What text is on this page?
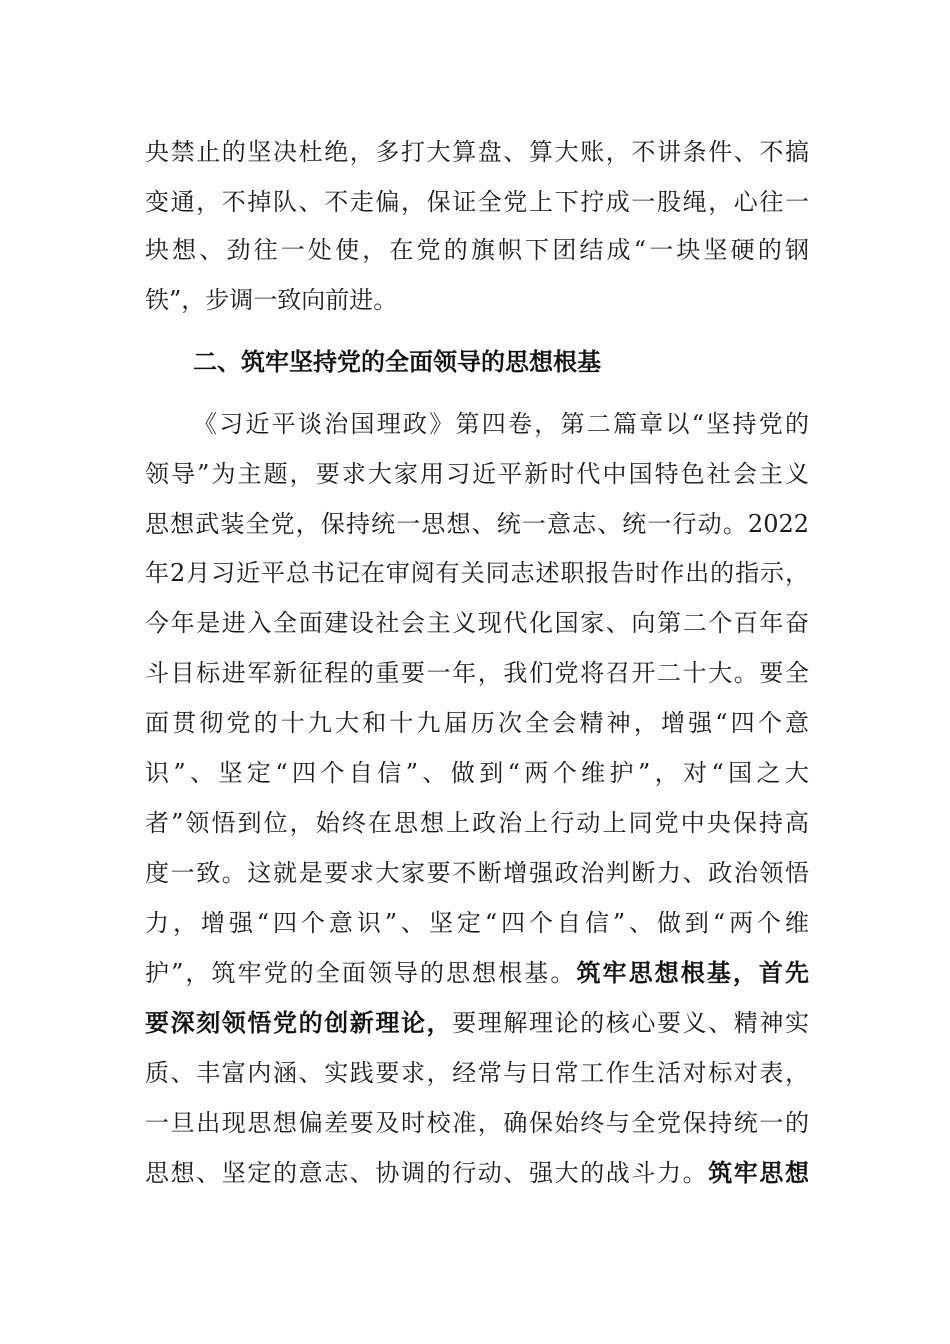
央禁止的坚决杜绝，多打大算盘、算大账，不讲条件、不搞
变通，不掉队、不走偏，保证全党上下拧成一股绳，心往一
块想、劲往一处使，在党的旗帜下团结成“一块坚硬的钢
铁”，步调一致向前进。
二、筑牢坚持党的全面领导的思想根基
《习近平谈治国理政》第四卷，第二篇章以“坚持党的
领导”为主题，要求大家用习近平新时代中国特色社会主义
思想武装全党，保持统一思想、统一意志、统一行动。2022
年2月习近平总书记在审阅有关同志述职报告时作出的指示，
今年是进入全面建设社会主义现代化国家、向第二个百年奋
斗目标进军新征程的重要一年，我们党将召开二十大。要全
面贯彻党的十九大和十九届历次全会精神，增强“四个意
识”、坚定“四个自信”、做到“两个维护”，对“国之大
者”领悟到位，始终在思想上政治上行动上同党中央保持高
度一致。这就是要求大家要不断增强政治判断力、政治领悟
力，增强“四个意识”、坚定“四个自信”、做到“两个维
护”，筑牢党的全面领导的思想根基。筑牢思想根基，首先
要深刻领悟党的创新理论，要理解理论的核心要义、精神实
质、丰富内涵、实践要求，经常与日常工作生活对标对表，
一旦出现思想偏差要及时校准，确保始终与全党保持统一的
思想、坚定的意志、协调的行动、强大的战斗力。筑牢思想
